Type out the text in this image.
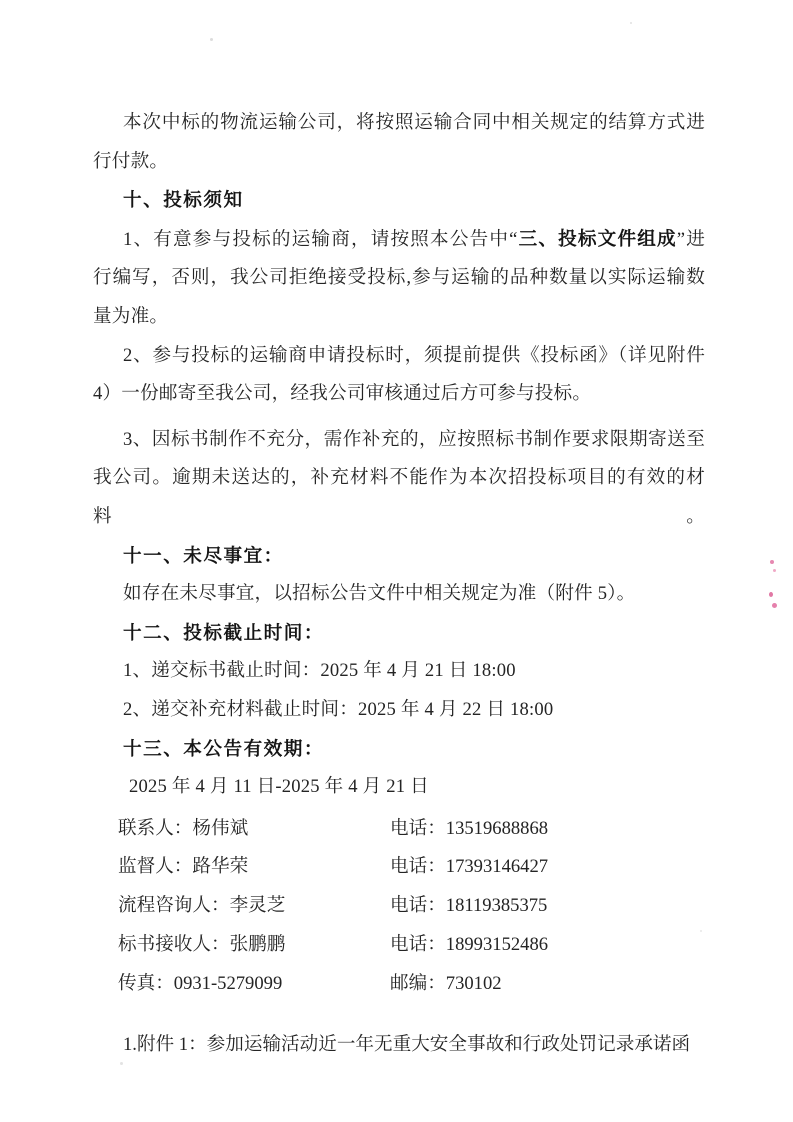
本次中标的物流运输公司，将按照运输合同中相关规定的结算方式进
行付款。
十、投标须知
1、有意参与投标的运输商，请按照本公告中“三、投标文件组成”进
行编写，否则，我公司拒绝接受投标,参与运输的品种数量以实际运输数
量为准。
2、参与投标的运输商申请投标时，须提前提供《投标函》（详见附件
4）一份邮寄至我公司，经我公司审核通过后方可参与投标。
3、因标书制作不充分，需作补充的，应按照标书制作要求限期寄送至
我公司。逾期未送达的，补充材料不能作为本次招投标项目的有效的材料。
十一、未尽事宜：
如存在未尽事宜，以招标公告文件中相关规定为准（附件 5）。
十二、投标截止时间：
1、递交标书截止时间：2025 年 4 月 21 日 18:00
2、递交补充材料截止时间：2025 年 4 月 22 日 18:00
十三、本公告有效期：
2025 年 4 月 11 日-2025 年 4 月 21 日
联系人：杨伟斌	电话：13519688868
监督人：路华荣	电话：17393146427
流程咨询人：李灵芝	电话：18119385375
标书接收人：张鹏鹏	电话：18993152486
传真：0931-5279099	邮编：730102
1.附件 1：参加运输活动近一年无重大安全事故和行政处罚记录承诺函
